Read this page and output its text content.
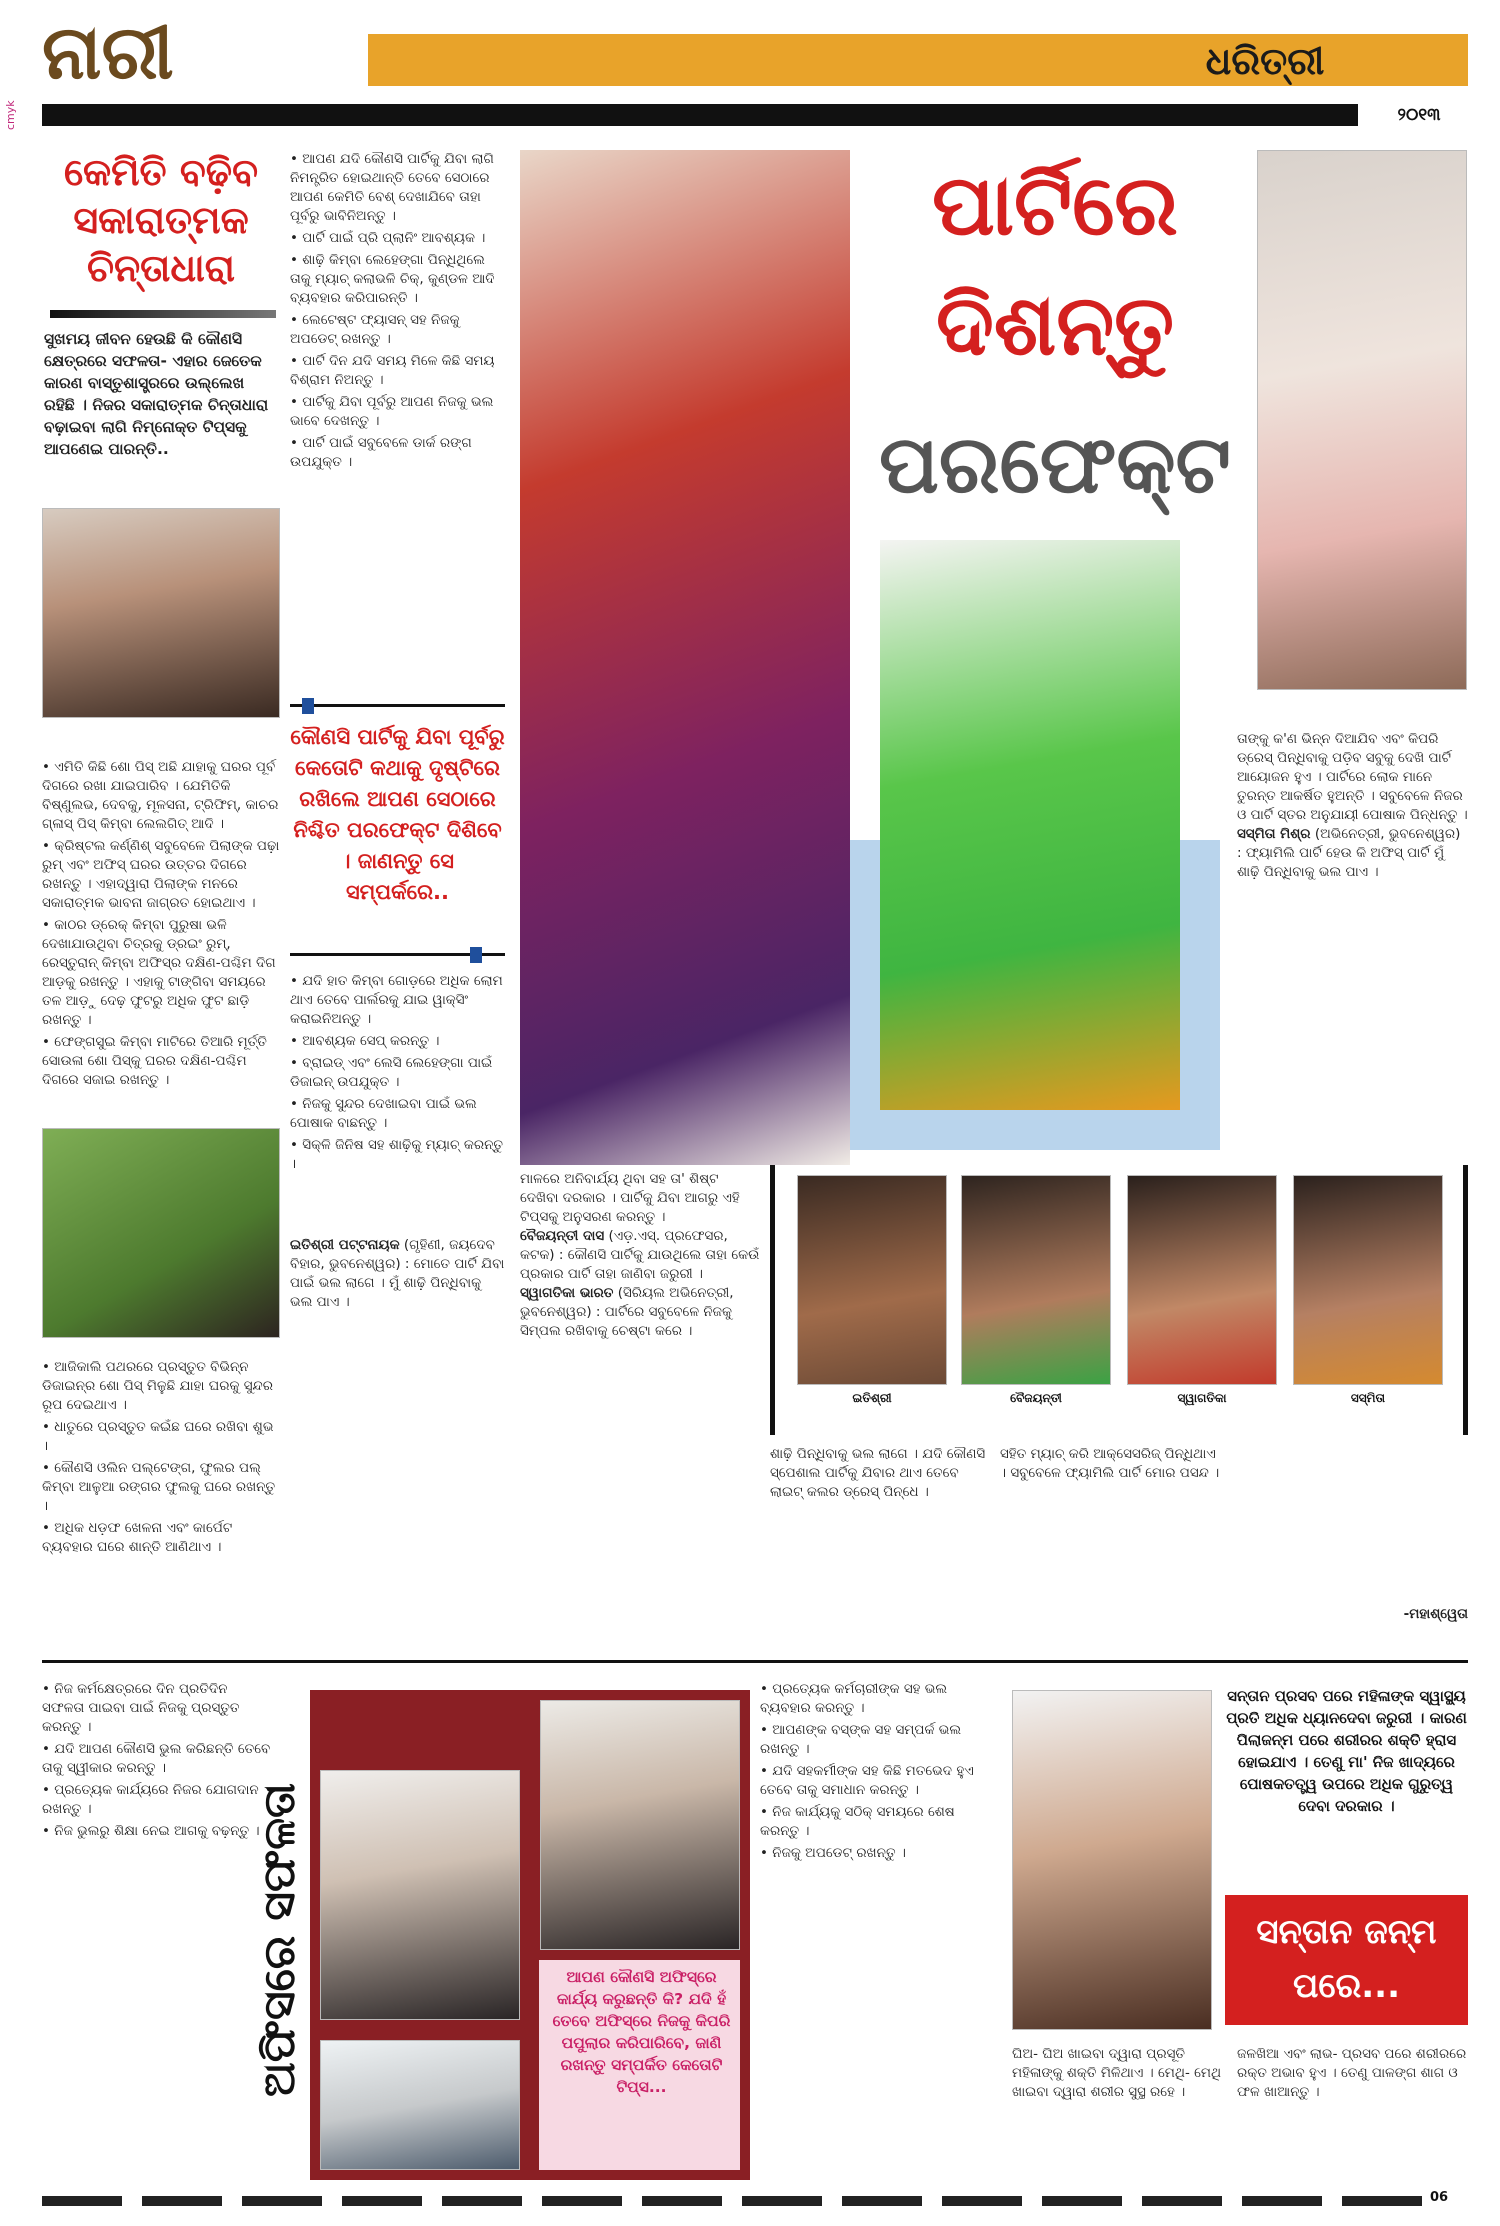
ନାରୀ	ଧରିତ୍ରୀ
୨୦୧୩
cmyk
କେମିତି ବଢ଼ିବ ସକାରାତ୍ମକ ଚିନ୍ତାଧାରା
ସୁଖମୟ ଜୀବନ ହେଉଛି କି କୌଣସି କ୍ଷେତ୍ରରେ ସଫଳତା- ଏହାର ଜେତେକ କାରଣ ବାସ୍ତୁଶାସ୍ତ୍ରରେ ଉଲ୍ଲେଖ ରହିଛି । ନିଜର ସକାରାତ୍ମକ ଚିନ୍ତାଧାରା ବଢ଼ାଇବା ଲାଗି ନିମ୍ନୋକ୍ତ ଟିପ୍ସକୁ ଆପଣେଇ ପାରନ୍ତି..

• ଏମିତି କିଛି ଶୋ ପିସ୍ ଅଛି ଯାହାକୁ ଘରର ପୂର୍ବ ଦିଗରେ ରଖା ଯାଇପାରିବ । ଯେମିତିକି ବିଷ୍ଣୁଲଭ, ଦେବକୁ, ମୂଳସନା, ଟ୍ରିଫିମ୍, କାଚର ଗ୍ଳାସ୍ ପିସ୍ କିମ୍ବା ଲେଲଗିତ୍ ଆଦି ।

• କ୍ରିଷ୍ଟଲ କର୍ଣ୍ଣିଶ୍ ସବୁବେଳେ ପିଲାଙ୍କ ପଢ଼ା ରୁମ୍ ଏବଂ ଅଫିସ୍ ଘରର ଉତ୍ତର ଦିଗରେ ରଖନ୍ତୁ । ଏହାଦ୍ୱାରା ପିଲାଙ୍କ ମନରେ ସକାରାତ୍ମକ ଭାବନା ଜାଗ୍ରତ ହୋଇଥାଏ ।

• କାଠର ଡ୍ରେକ୍ କିମ୍ବା ପୁରୁଷା ଭଳି ଦେଖାଯାଉଥିବା ଚିତ୍ରକୁ ଡ୍ରଇଂ ରୁମ୍, ରେସ୍ତୁରାନ୍ କିମ୍ବା ଅଫିସ୍‌ର ଦକ୍ଷିଣ-ପଶ୍ଚିମ ଦିଗ ଆଡ଼କୁ ରଖନ୍ତୁ । ଏହାକୁ ଟାଙ୍ଗିବା ସମୟରେ ତଳ ଆଡ଼ୁ ଦେଢ଼ ଫୁଟରୁ ଅଧିକ ଫୁଟ ଛାଡ଼ି ରଖନ୍ତୁ ।

• ଫେଙ୍ଗସୁଇ କିମ୍ବା ମାଟିରେ ତିଆରି ମୂର୍ତ୍ତି ସୋଉଳା ଶୋ ପିସ୍‌କୁ ଘରର ଦକ୍ଷିଣ-ପଶ୍ଚିମ ଦିଗରେ ସଜାଇ ରଖନ୍ତୁ ।

• ଆଜିକାଲି ପଥରରେ ପ୍ରସ୍ତୁତ ବିଭିନ୍ନ ଡିଜାଇନ୍‌ର ଶୋ ପିସ୍ ମିଳୁଛି ଯାହା ଘରକୁ ସୁନ୍ଦର ରୂପ ଦେଇଥାଏ ।

• ଧାତୁରେ ପ୍ରସ୍ତୁତ କଇଁଛ ଘରେ ରଖିବା ଶୁଭ ।

• କୌଣସି ଓଲିନ ପଲ୍ଟେଙ୍ଗ, ଫୁଲର ପଲ୍ କିମ୍ବା ଆଳୁଆ ରଙ୍ଗର ଫୁଲକୁ ଘରେ ରଖନ୍ତୁ ।

• ଅଧିକ ଧଡ଼ଫ ଖେଳନା ଏବଂ କାର୍ପେଟ ବ୍ୟବହାର ଘରେ ଶାନ୍ତି ଆଣିଥାଏ ।

• ଆପଣ ଯଦି କୌଣସି ପାର୍ଟିକୁ ଯିବା ଲାଗି ନିମନ୍ତ୍ରିତ ହୋଇଥାନ୍ତି ତେବେ ସେଠାରେ ଆପଣ କେମିତି ବେଶ୍ ଦେଖାଯିବେ ତାହା ପୂର୍ବରୁ ଭାବିନିଅନ୍ତୁ ।

• ପାର୍ଟି ପାଇଁ ପ୍ରି ପ୍ଲାନିଂ ଆବଶ୍ୟକ ।

• ଶାଢ଼ି କିମ୍ବା ଲେହେଙ୍ଗା ପିନ୍ଧିଥିଲେ ତାକୁ ମ୍ୟାଚ୍ କଲାଭଳି ଚିକ୍, କୁଣ୍ଡଳ ଆଦି ବ୍ୟବହାର କରିପାରନ୍ତି ।

• ଲେଟେଷ୍ଟ ଫ୍ୟାସନ୍ ସହ ନିଜକୁ ଅପଡେଟ୍ ରଖନ୍ତୁ ।

• ପାର୍ଟି ଦିନ ଯଦି ସମୟ ମିଳେ କିଛି ସମୟ ବିଶ୍ରାମ ନିଅନ୍ତୁ ।

• ପାର୍ଟିକୁ ଯିବା ପୂର୍ବରୁ ଆପଣ ନିଜକୁ ଭଲ ଭାବେ ଦେଖନ୍ତୁ ।

• ପାର୍ଟି ପାଇଁ ସବୁବେଳେ ଡାର୍କ ରଙ୍ଗ ଉପଯୁକ୍ତ ।

କୌଣସି ପାର୍ଟିକୁ ଯିବା ପୂର୍ବରୁ କେତୋଟି କଥାକୁ ଦୃଷ୍ଟିରେ ରଖିଲେ ଆପଣ ସେଠାରେ ନିଶ୍ଚିତ ପରଫେକ୍ଟ ଦିଶିବେ । ଜାଣନ୍ତୁ ସେ ସମ୍ପର୍କରେ..

• ଯଦି ହାତ କିମ୍ବା ଗୋଡ଼ରେ ଅଧିକ ଲୋମ ଥାଏ ତେବେ ପାର୍ଲରକୁ ଯାଇ ୱାକ୍ସିଂ କରାଇନିଅନ୍ତୁ ।

• ଆବଶ୍ୟକ ସେପ୍ କରନ୍ତୁ ।

• ବ୍ରାଇଡ୍ ଏବଂ ଲେସି ଲେହେଙ୍ଗା ପାଇଁ ଡିଜାଇନ୍ ଉପଯୁକ୍ତ ।

• ନିଜକୁ ସୁନ୍ଦର ଦେଖାଇବା ପାଇଁ ଭଲ ପୋଷାକ ବାଛନ୍ତୁ ।

• ସିକ୍ଳି ଜିନିଷ ସହ ଶାଢ଼ିକୁ ମ୍ୟାଚ୍ କରନ୍ତୁ ।

ଇତିଶ୍ରୀ ପଟ୍ଟନାୟକ (ଗୃହିଣୀ, ଜୟଦେବ ବିହାର, ଭୁବନେଶ୍ୱର) : ମୋତେ ପାର୍ଟି ଯିବା ପାଇଁ ଭଲ ଲାଗେ । ମୁଁ ଶାଢ଼ି ପିନ୍ଧିବାକୁ ଭଲ ପାଏ ।
ପାର୍ଟିରେ
ଦିଶନ୍ତୁ
ପରଫେକ୍ଟ
ତାଙ୍କୁ କ'ଣ ଭିନ୍ନ ଦିଆଯିବ ଏବଂ କିପରି ଡ୍ରେସ୍ ପିନ୍ଧିବାକୁ ପଡ଼ିବ ସବୁକୁ ଦେଖି ପାର୍ଟି ଆୟୋଜନ ହୁଏ । ପାର୍ଟିରେ ଲୋକ ମାନେ ତୁରନ୍ତ ଆକର୍ଷିତ ହୁଅନ୍ତି । ସବୁବେଳେ ନିଜର ଓ ପାର୍ଟି ସ୍ତର ଅନୁଯାୟୀ ପୋଷାକ ପିନ୍ଧନ୍ତୁ ।
ସସ୍ମିତା ମିଶ୍ର (ଅଭିନେତ୍ରୀ, ଭୁବନେଶ୍ୱର) : ଫ୍ୟାମିଲି ପାର୍ଟି ହେଉ କି ଅଫିସ୍ ପାର୍ଟି ମୁଁ ଶାଢ଼ି ପିନ୍ଧିବାକୁ ଭଲ ପାଏ ।
ମାଳରେ ଅନିବାର୍ଯ୍ୟ ଥିବା ସହ ତା' ଶିଷ୍ଟ ଦେଖିବା ଦରକାର । ପାର୍ଟିକୁ ଯିବା ଆଗରୁ ଏହି ଟିପ୍ସକୁ ଅନୁସରଣ କରନ୍ତୁ ।
ବୈଜୟନ୍ତୀ ଦାସ (ଏଡ଼.ଏସ୍. ପ୍ରଫେସର, କଟକ) : କୌଣସି ପାର୍ଟିକୁ ଯାଉଥିଲେ ତାହା କେଉଁ ପ୍ରକାର ପାର୍ଟି ତାହା ଜାଣିବା ଜରୁରୀ ।
ସ୍ୱାଗତିକା ଭାରତ (ସିରିୟଲ ଅଭିନେତ୍ରୀ, ଭୁବନେଶ୍ୱର) : ପାର୍ଟିରେ ସବୁବେଳେ ନିଜକୁ ସିମ୍ପଲ ରଖିବାକୁ ଚେଷ୍ଟା କରେ ।
ଇତିଶ୍ରୀ	ବୈଜୟନ୍ତୀ	ସ୍ୱାଗତିକା	ସସ୍ମିତା
ଶାଢ଼ି ପିନ୍ଧିବାକୁ ଭଲ ଲାଗେ । ଯଦି କୌଣସି ସ୍ପେଶାଲ ପାର୍ଟିକୁ ଯିବାର ଥାଏ ତେବେ ଲାଇଟ୍ କଲର ଡ୍ରେସ୍ ପିନ୍ଧେ ।
ସହିତ ମ୍ୟାଚ୍ କରି ଆକ୍ସେସରିଜ୍ ପିନ୍ଧିଥାଏ । ସବୁବେଳେ ଫ୍ୟାମିଲି ପାର୍ଟି ମୋର ପସନ୍ଦ ।
-ମହାଶ୍ୱେତା

• ନିଜ କର୍ମକ୍ଷେତ୍ରରେ ଦିନ ପ୍ରତିଦିନ ସଫଳତା ପାଇବା ପାଇଁ ନିଜକୁ ପ୍ରସ୍ତୁତ କରନ୍ତୁ ।

• ଯଦି ଆପଣ କୌଣସି ଭୁଲ କରିଛନ୍ତି ତେବେ ତାକୁ ସ୍ୱୀକାର କରନ୍ତୁ ।

• ପ୍ରତ୍ୟେକ କାର୍ଯ୍ୟରେ ନିଜର ଯୋଗଦାନ ରଖନ୍ତୁ ।

• ନିଜ ଭୁଲରୁ ଶିକ୍ଷା ନେଇ ଆଗକୁ ବଢ଼ନ୍ତୁ ।

ଅଫିସରେ ସଫଳତା	ଆପଣ କୌଣସି ଅଫିସ୍‌ରେ କାର୍ଯ୍ୟ କରୁଛନ୍ତି କି? ଯଦି ହଁ ତେବେ ଅଫିସ୍‌ରେ ନିଜକୁ କିପରି ପପୁଲାର କରିପାରିବେ, ଜାଣି ରଖନ୍ତୁ ସମ୍ପର୍କିତ କେତୋଟି ଟିପ୍ସ...

• ପ୍ରତ୍ୟେକ କର୍ମଚାରୀଙ୍କ ସହ ଭଲ ବ୍ୟବହାର କରନ୍ତୁ ।

• ଆପଣଙ୍କ ବସ୍‌ଙ୍କ ସହ ସମ୍ପର୍କ ଭଲ ରଖନ୍ତୁ ।

• ଯଦି ସହକର୍ମୀଙ୍କ ସହ କିଛି ମତଭେଦ ହୁଏ ତେବେ ତାକୁ ସମାଧାନ କରନ୍ତୁ ।

• ନିଜ କାର୍ଯ୍ୟକୁ ସଠିକ୍ ସମୟରେ ଶେଷ କରନ୍ତୁ ।

• ନିଜକୁ ଅପଡେଟ୍ ରଖନ୍ତୁ ।

ସନ୍ତାନ ପ୍ରସବ ପରେ ମହିଳାଙ୍କ ସ୍ୱାସ୍ଥ୍ୟ ପ୍ରତି ଅଧିକ ଧ୍ୟାନଦେବା ଜରୁରୀ । କାରଣ ପିଲାଜନ୍ମ ପରେ ଶରୀରର ଶକ୍ତି ହ୍ରାସ ହୋଇଯାଏ । ତେଣୁ ମା' ନିଜ ଖାଦ୍ୟରେ ପୋଷକତତ୍ତ୍ୱ ଉପରେ ଅଧିକ ଗୁରୁତ୍ୱ ଦେବା ଦରକାର ।
ସନ୍ତାନ ଜନ୍ମ ପରେ...
ଘିଅ- ଘିଅ ଖାଇବା ଦ୍ୱାରା ପ୍ରସୂତି ମହିଳାଙ୍କୁ ଶକ୍ତି ମିଳିଥାଏ । ମେଥି- ମେଥି ଖାଇବା ଦ୍ୱାରା ଶରୀର ସୁସ୍ଥ ରହେ ।
ଜଳଖିଆ ଏବଂ ଲାଭ- ପ୍ରସବ ପରେ ଶରୀରରେ ରକ୍ତ ଅଭାବ ହୁଏ । ତେଣୁ ପାଳଙ୍ଗ ଶାଗ ଓ ଫଳ ଖାଆନ୍ତୁ ।
06
